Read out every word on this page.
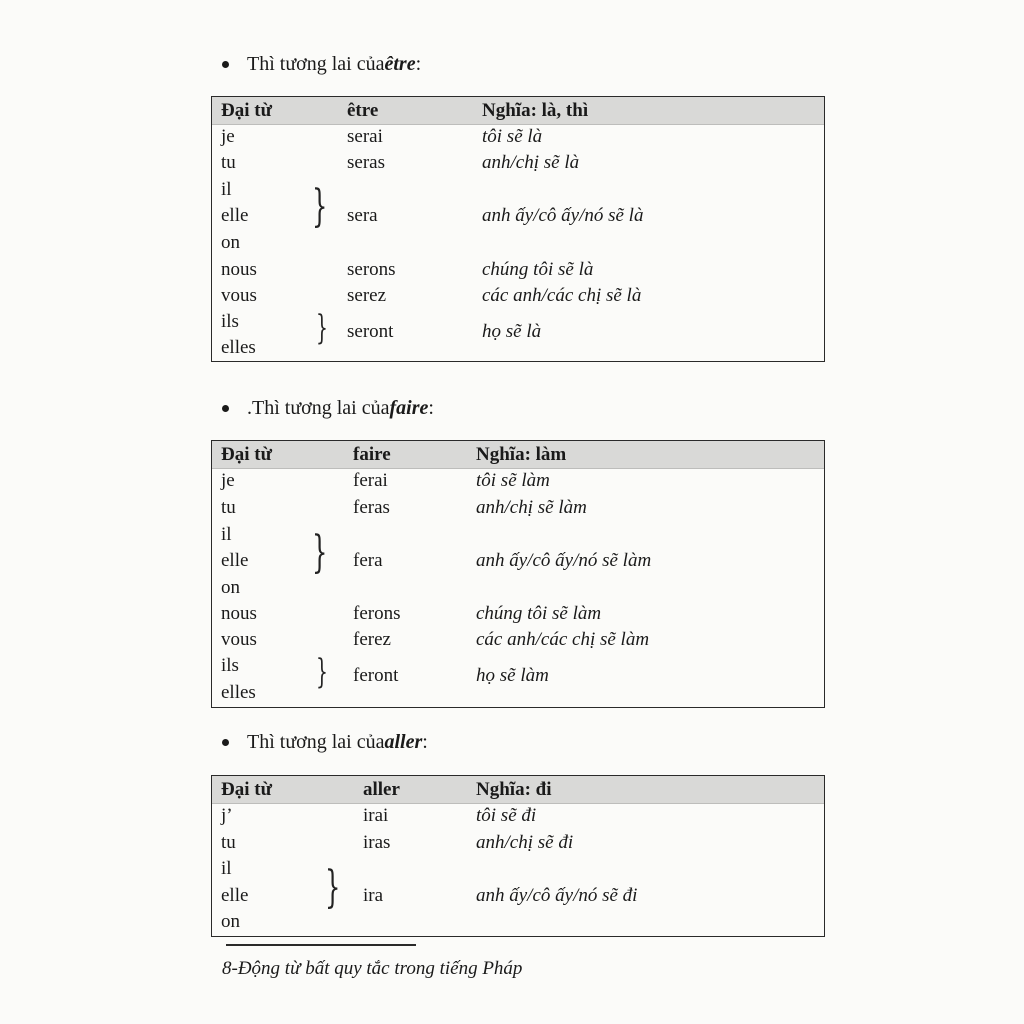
Thì tương lai của être :
Đại từ	être	Nghĩa: là, thì
je	serai	tôi sẽ là
tu	seras	anh/chị sẽ là
il
elle
on
} sera	anh ấy/cô ấy/nó sẽ là
nous	serons	chúng tôi sẽ là
vous	serez	các anh/các chị sẽ là
ils
elles } seront	họ sẽ là
.Thì tương lai của faire :
Đại từ	faire	Nghĩa: làm
je	ferai	tôi sẽ làm
tu	feras	anh/chị sẽ làm
il
elle
on
} fera	anh ấy/cô ấy/nó sẽ làm
nous	ferons	chúng tôi sẽ làm
vous	ferez	các anh/các chị sẽ làm
ils
elles
} feront	họ sẽ làm
Thì tương lai của aller :
Đại từ	aller	Nghĩa: đi
j’	irai	tôi sẽ đi
tu	iras	anh/chị sẽ đi
il
elle
on
} ira	anh ấy/cô ấy/nó sẽ đi
8-Động từ bất quy tắc trong tiếng Pháp
